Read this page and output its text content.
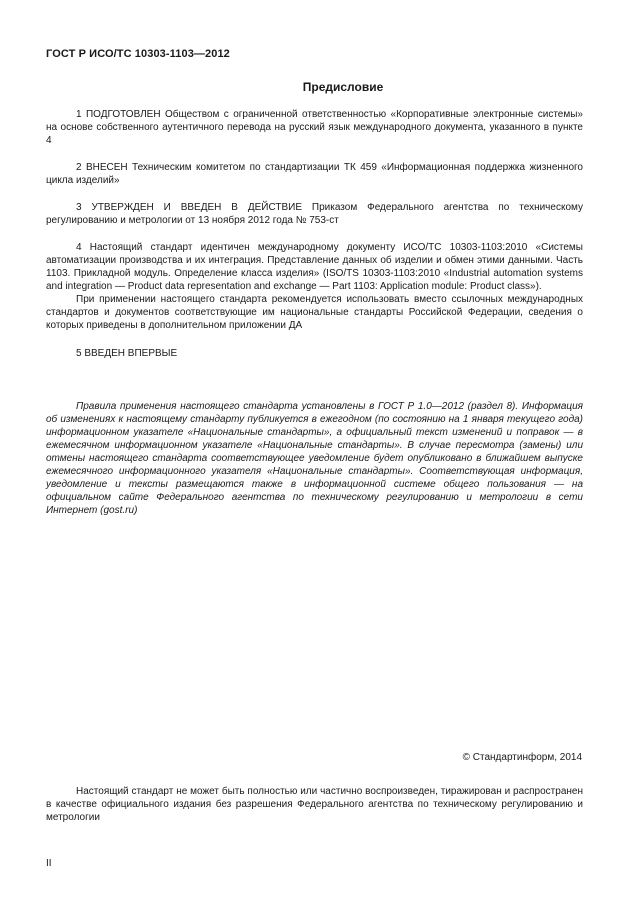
ГОСТ Р ИСО/ТС 10303-1103—2012
Предисловие

1 ПОДГОТОВЛЕН Обществом с ограниченной ответственностью «Корпоративные электронные системы» на основе собственного аутентичного перевода на русский язык международного документа, указанного в пункте 4

2 ВНЕСЕН Техническим комитетом по стандартизации ТК 459 «Информационная поддержка жизненного цикла изделий»

3 УТВЕРЖДЕН И ВВЕДЕН В ДЕЙСТВИЕ Приказом Федерального агентства по техническому регулированию и метрологии от 13 ноября 2012 года № 753-ст

4 Настоящий стандарт идентичен международному документу ИСО/ТС 10303-1103:2010 «Системы автоматизации производства и их интеграция. Представление данных об изделии и обмен этими данными. Часть 1103. Прикладной модуль. Определение класса изделия» (ISO/TS 10303-1103:2010 «Industrial automation systems and integration — Product data representation and exchange — Part 1103: Application module: Product class»).

При применении настоящего стандарта рекомендуется использовать вместо ссылочных международных стандартов и документов соответствующие им национальные стандарты Российской Федерации, сведения о которых приведены в дополнительном приложении ДА

5 ВВЕДЕН ВПЕРВЫЕ

Правила применения настоящего стандарта установлены в ГОСТ Р 1.0—2012 (раздел 8). Информация об изменениях к настоящему стандарту публикуется в ежегодном (по состоянию на 1 января текущего года) информационном указателе «Национальные стандарты», а официальный текст изменений и поправок — в ежемесячном информационном указателе «Национальные стандарты». В случае пересмотра (замены) или отмены настоящего стандарта соответствующее уведомление будет опубликовано в ближайшем выпуске ежемесячного информационного указателя «Национальные стандарты». Соответствующая информация, уведомление и тексты размещаются также в информационной системе общего пользования — на официальном сайте Федерального агентства по техническому регулированию и метрологии в сети Интернет (gost.ru)

© Стандартинформ, 2014
Настоящий стандарт не может быть полностью или частично воспроизведен, тиражирован и распространен в качестве официального издания без разрешения Федерального агентства по техническому регулированию и метрологии
II
